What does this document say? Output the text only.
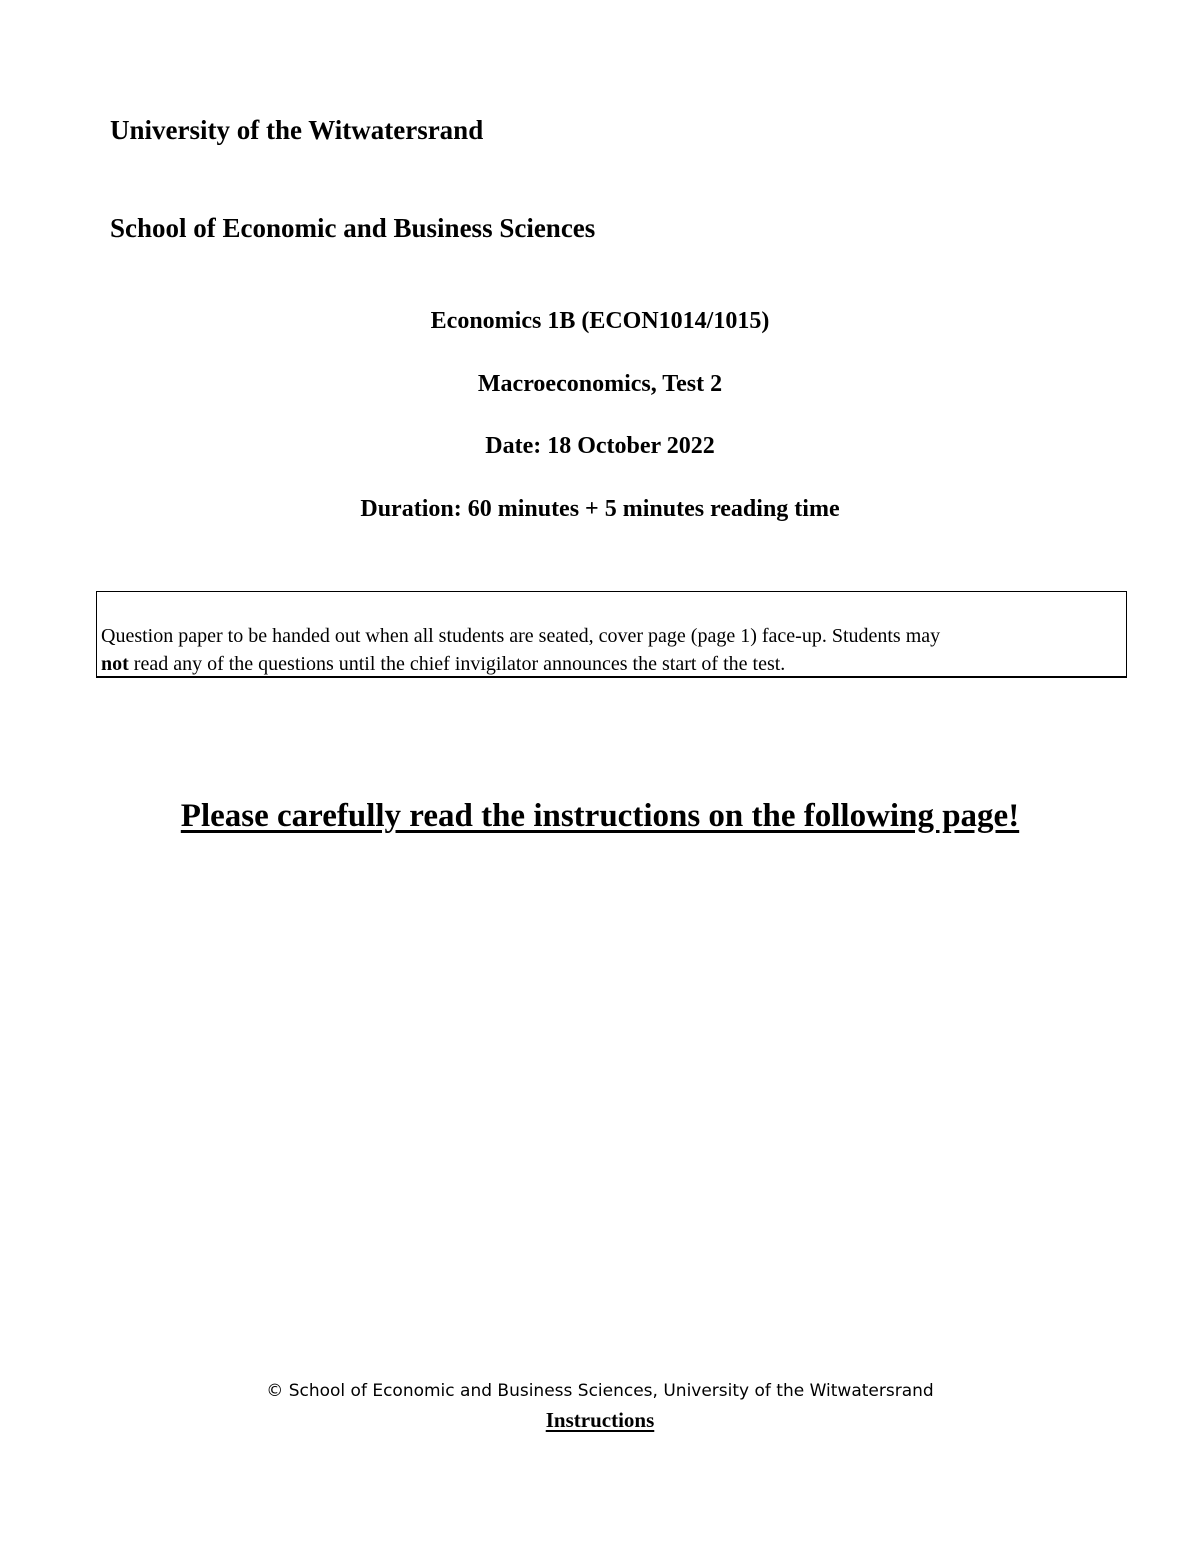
University of the Witwatersrand
School of Economic and Business Sciences
Economics 1B (ECON1014/1015)
Macroeconomics, Test 2
Date: 18 October 2022
Duration: 60 minutes + 5 minutes reading time
Question paper to be handed out when all students are seated, cover page (page 1) face-up. Students may
not read any of the questions until the chief invigilator announces the start of the test.
Please carefully read the instructions on the following page!
© School of Economic and Business Sciences, University of the Witwatersrand
Instructions
